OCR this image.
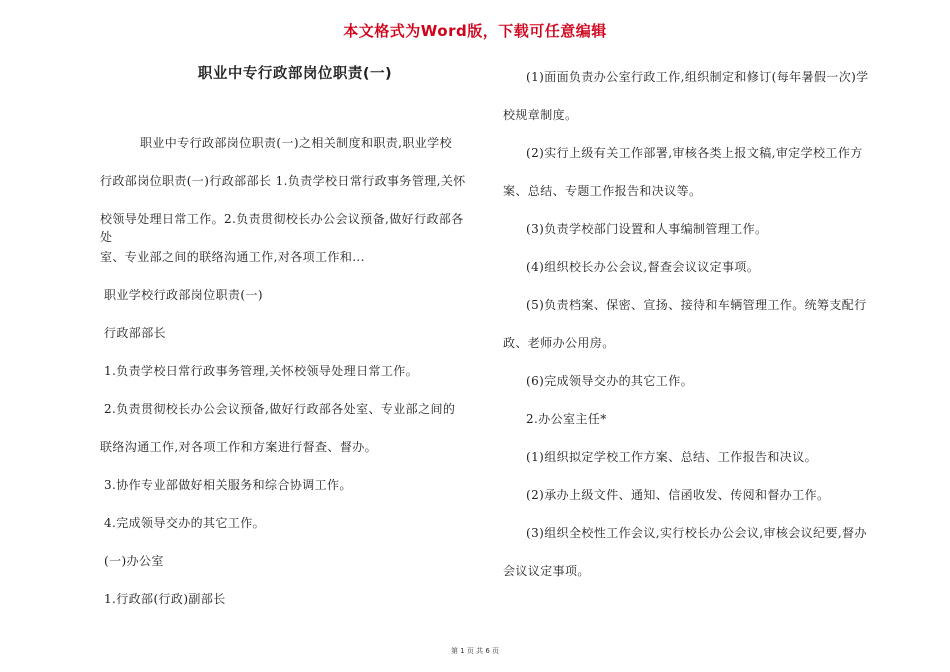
本文格式为Word版，下载可任意编辑
职业中专行政部岗位职责(一)

职业中专行政部岗位职责(一)之相关制度和职责,职业学校

行政部岗位职责(一)行政部部长 1.负责学校日常行政事务管理,关怀

校领导处理日常工作。2.负责贯彻校长办公会议预备,做好行政部各处

室、专业部之间的联络沟通工作,对各项工作和...

职业学校行政部岗位职责(一)

行政部部长

1.负责学校日常行政事务管理,关怀校领导处理日常工作。

2.负责贯彻校长办公会议预备,做好行政部各处室、专业部之间的

联络沟通工作,对各项工作和方案进行督查、督办。

3.协作专业部做好相关服务和综合协调工作。

4.完成领导交办的其它工作。

(一)办公室

1.行政部(行政)副部长

(1)面面负责办公室行政工作,组织制定和修订(每年暑假一次)学

校规章制度。

(2)实行上级有关工作部署,审核各类上报文稿,审定学校工作方

案、总结、专题工作报告和决议等。

(3)负责学校部门设置和人事编制管理工作。

(4)组织校长办公会议,督查会议议定事项。

(5)负责档案、保密、宣扬、接待和车辆管理工作。统筹支配行

政、老师办公用房。

(6)完成领导交办的其它工作。

2.办公室主任*

(1)组织拟定学校工作方案、总结、工作报告和决议。

(2)承办上级文件、通知、信函收发、传阅和督办工作。

(3)组织全校性工作会议,实行校长办公会议,审核会议纪要,督办

会议议定事项。

第 1 页 共 6 页
